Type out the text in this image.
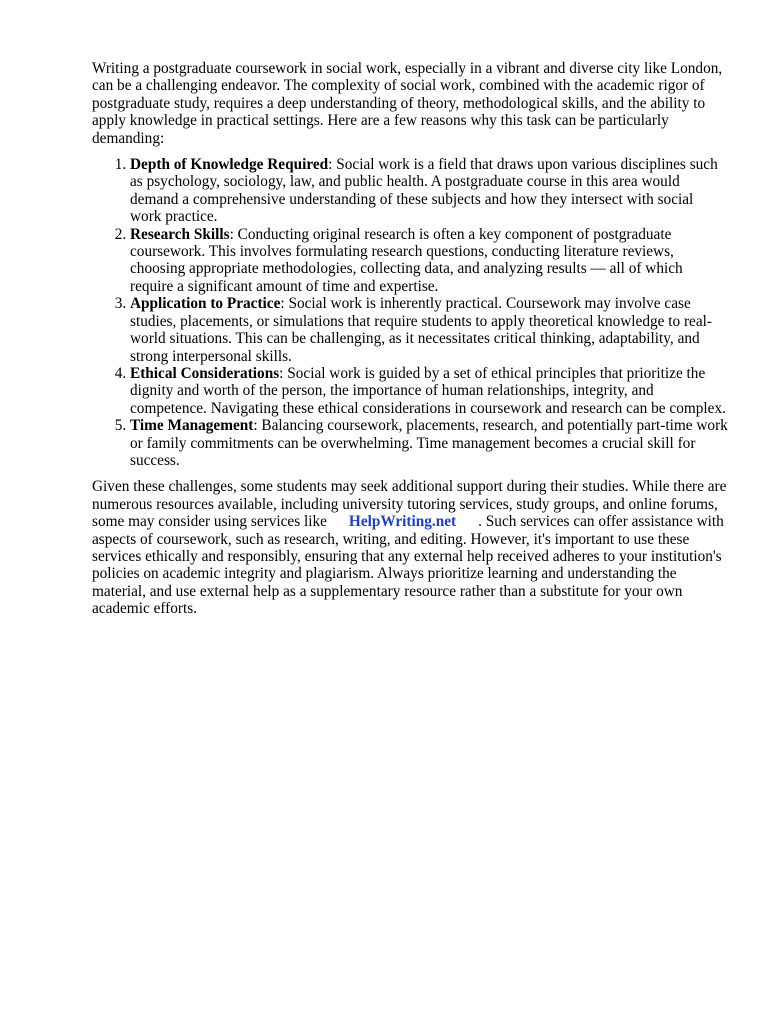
Writing a postgraduate coursework in social work, especially in a vibrant and diverse city like London, can be a challenging endeavor. The complexity of social work, combined with the academic rigor of postgraduate study, requires a deep understanding of theory, methodological skills, and the ability to apply knowledge in practical settings. Here are a few reasons why this task can be particularly demanding:

1. Depth of Knowledge Required: Social work is a field that draws upon various disciplines such as psychology, sociology, law, and public health. A postgraduate course in this area would demand a comprehensive understanding of these subjects and how they intersect with social work practice.
2. Research Skills: Conducting original research is often a key component of postgraduate coursework. This involves formulating research questions, conducting literature reviews, choosing appropriate methodologies, collecting data, and analyzing results — all of which require a significant amount of time and expertise.
3. Application to Practice: Social work is inherently practical. Coursework may involve case studies, placements, or simulations that require students to apply theoretical knowledge to real-world situations. This can be challenging, as it necessitates critical thinking, adaptability, and strong interpersonal skills.
4. Ethical Considerations: Social work is guided by a set of ethical principles that prioritize the dignity and worth of the person, the importance of human relationships, integrity, and competence. Navigating these ethical considerations in coursework and research can be complex.
5. Time Management: Balancing coursework, placements, research, and potentially part-time work or family commitments can be overwhelming. Time management becomes a crucial skill for success.

Given these challenges, some students may seek additional support during their studies. While there are numerous resources available, including university tutoring services, study groups, and online forums, some may consider using services like HelpWriting.net . Such services can offer assistance with aspects of coursework, such as research, writing, and editing. However, it's important to use these services ethically and responsibly, ensuring that any external help received adheres to your institution's policies on academic integrity and plagiarism. Always prioritize learning and understanding the material, and use external help as a supplementary resource rather than a substitute for your own academic efforts.
